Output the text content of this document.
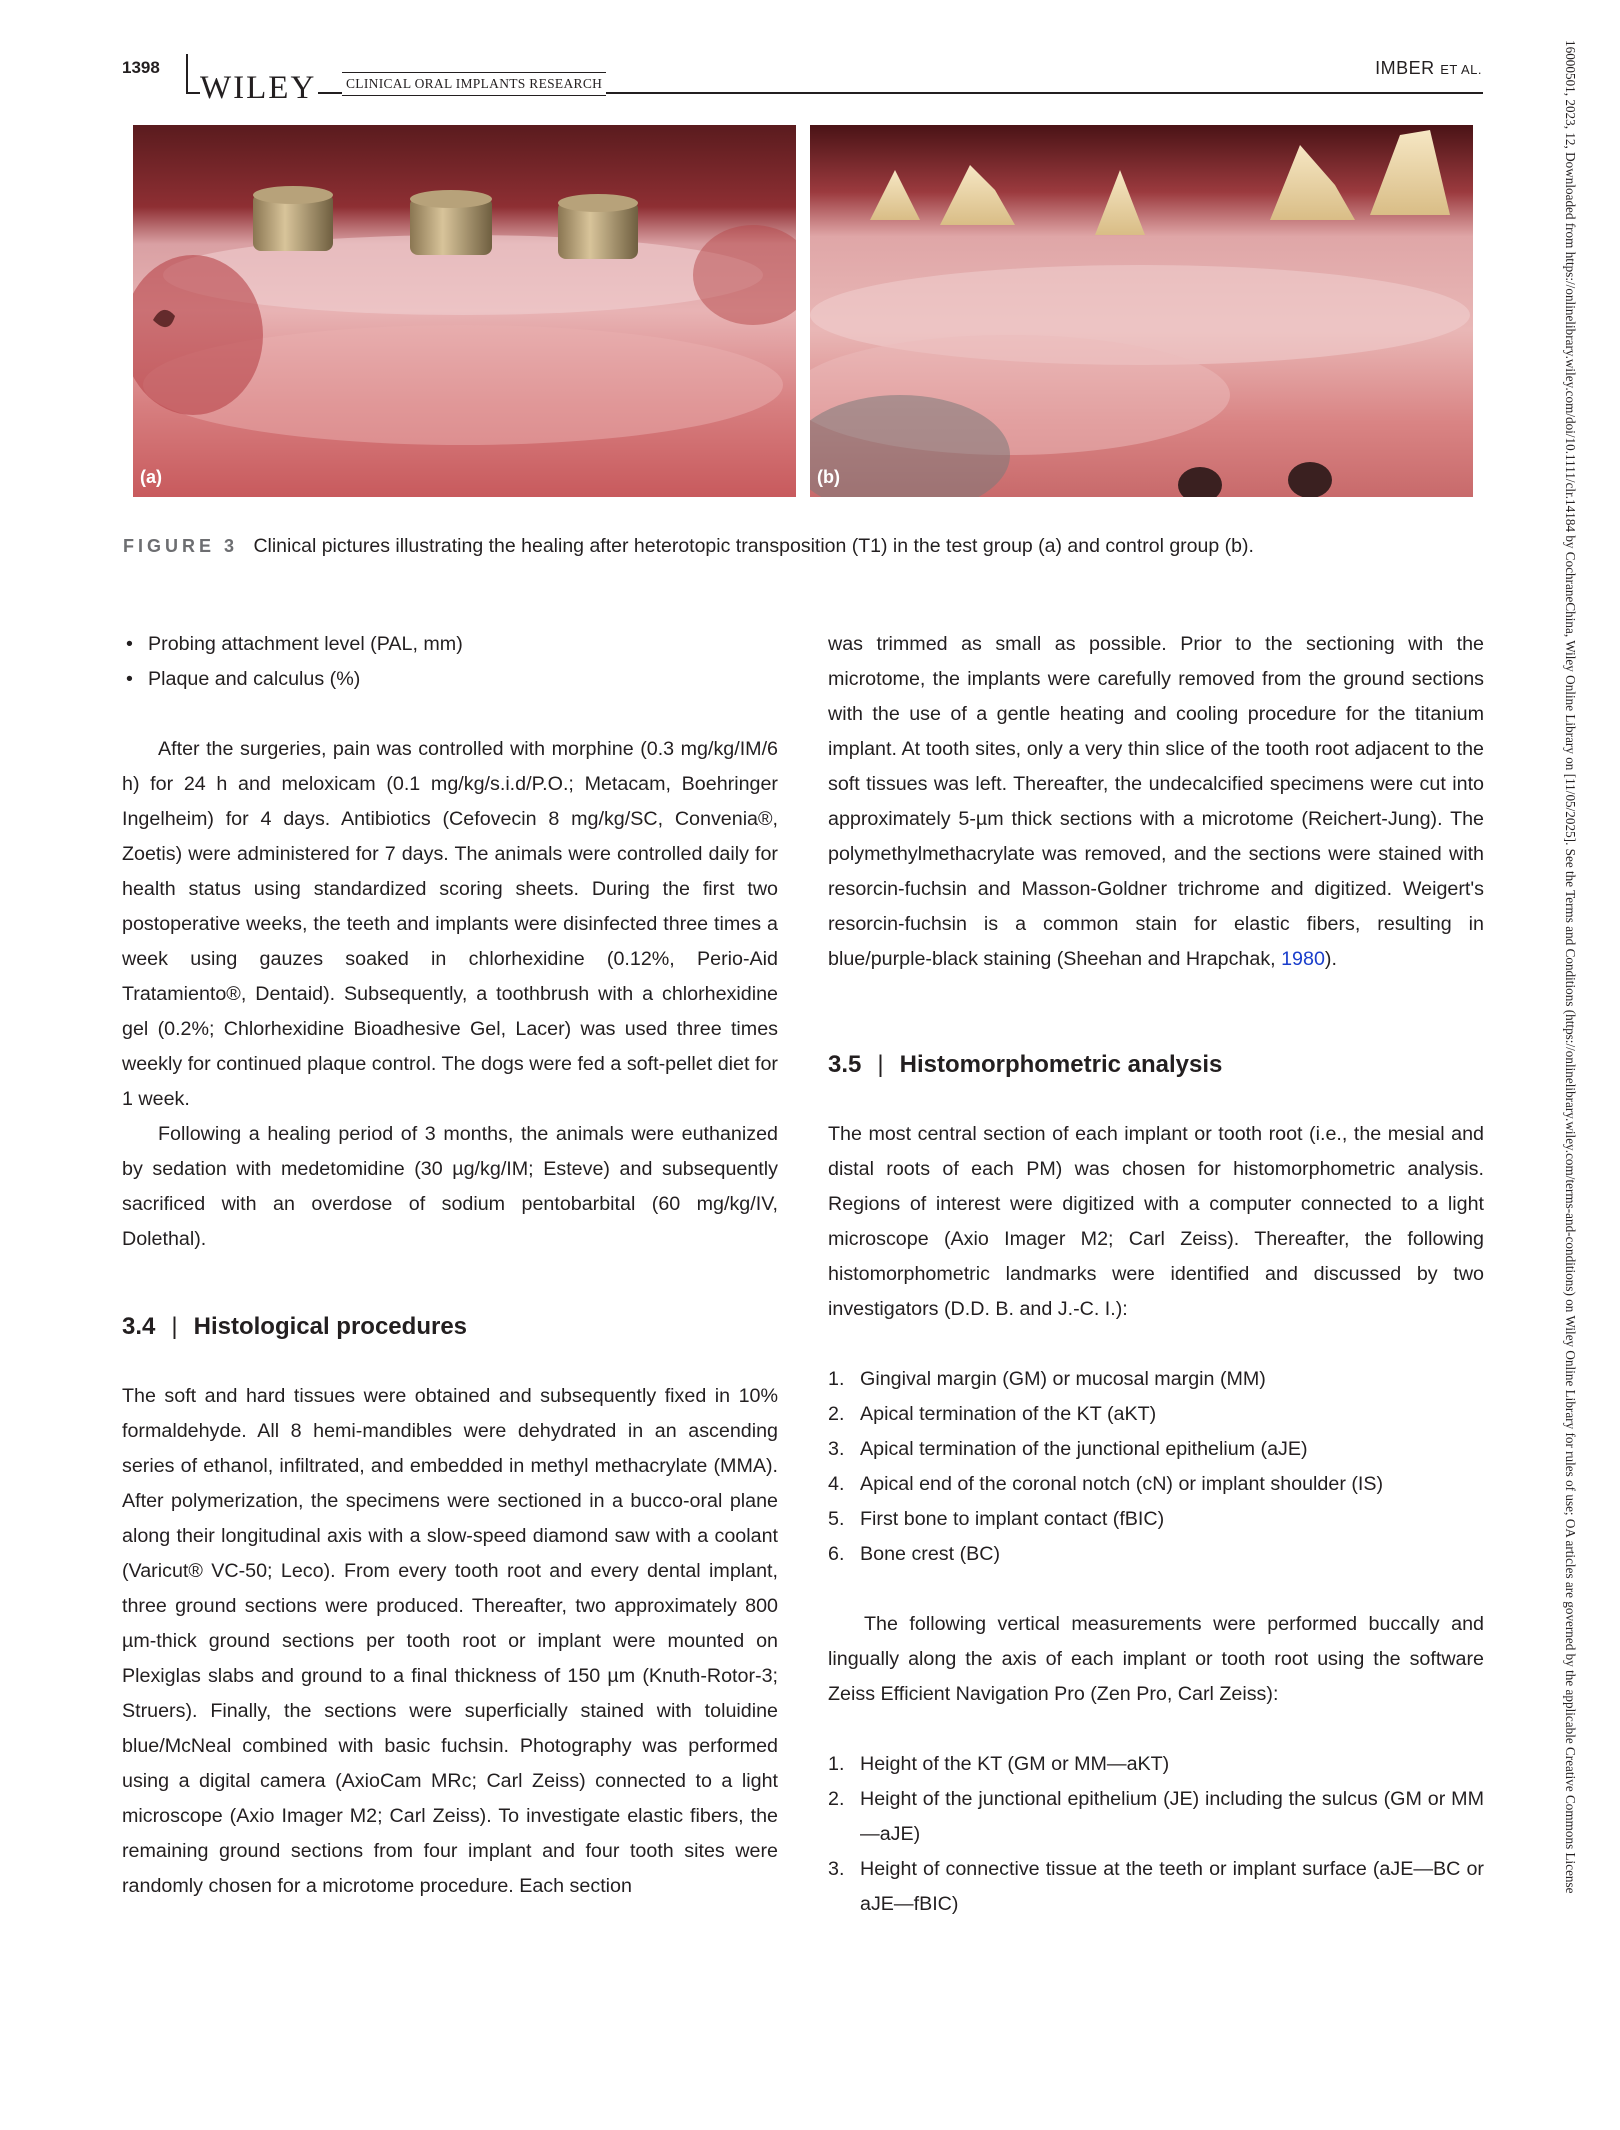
1398
WILEY CLINICAL ORAL IMPLANTS RESEARCH
IMBER ET AL.
(a)	(b)
FIGURE 3 Clinical pictures illustrating the healing after heterotopic transposition (T1) in the test group (a) and control group (b).
• Probing attachment level (PAL, mm)
• Plaque and calculus (%)

After the surgeries, pain was controlled with morphine (0.3 mg/kg/IM/6 h) for 24 h and meloxicam (0.1 mg/kg/s.i.d/P.O.; Metacam, Boehringer Ingelheim) for 4 days. Antibiotics (Cefovecin 8 mg/kg/SC, Convenia®, Zoetis) were administered for 7 days. The animals were controlled daily for health status using standardized scoring sheets. During the first two postoperative weeks, the teeth and implants were disinfected three times a week using gauzes soaked in chlorhexidine (0.12%, Perio-Aid Tratamiento®, Dentaid). Subsequently, a toothbrush with a chlorhexidine gel (0.2%; Chlorhexidine Bioadhesive Gel, Lacer) was used three times weekly for continued plaque control. The dogs were fed a soft-pellet diet for 1 week.

Following a healing period of 3 months, the animals were euthanized by sedation with medetomidine (30 µg/kg/IM; Esteve) and subsequently sacrificed with an overdose of sodium pentobarbital (60 mg/kg/IV, Dolethal).

3.4 | Histological procedures

The soft and hard tissues were obtained and subsequently fixed in 10% formaldehyde. All 8 hemi-mandibles were dehydrated in an ascending series of ethanol, infiltrated, and embedded in methyl methacrylate (MMA). After polymerization, the specimens were sectioned in a bucco-oral plane along their longitudinal axis with a slow-speed diamond saw with a coolant (Varicut® VC-50; Leco). From every tooth root and every dental implant, three ground sections were produced. Thereafter, two approximately 800 µm-thick ground sections per tooth root or implant were mounted on Plexiglas slabs and ground to a final thickness of 150 µm (Knuth-Rotor-3; Struers). Finally, the sections were superficially stained with toluidine blue/McNeal combined with basic fuchsin. Photography was performed using a digital camera (AxioCam MRc; Carl Zeiss) connected to a light microscope (Axio Imager M2; Carl Zeiss). To investigate elastic fibers, the remaining ground sections from four implant and four tooth sites were randomly chosen for a microtome procedure. Each section

was trimmed as small as possible. Prior to the sectioning with the microtome, the implants were carefully removed from the ground sections with the use of a gentle heating and cooling procedure for the titanium implant. At tooth sites, only a very thin slice of the tooth root adjacent to the soft tissues was left. Thereafter, the undecalcified specimens were cut into approximately 5-µm thick sections with a microtome (Reichert-Jung). The polymethylmethacrylate was removed, and the sections were stained with resorcin-fuchsin and Masson-Goldner trichrome and digitized. Weigert's resorcin-fuchsin is a common stain for elastic fibers, resulting in blue/purple-black staining (Sheehan and Hrapchak, 1980).

3.5 | Histomorphometric analysis

The most central section of each implant or tooth root (i.e., the mesial and distal roots of each PM) was chosen for histomorphometric analysis. Regions of interest were digitized with a computer connected to a light microscope (Axio Imager M2; Carl Zeiss). Thereafter, the following histomorphometric landmarks were identified and discussed by two investigators (D.D. B. and J.-C. I.):

1. Gingival margin (GM) or mucosal margin (MM)
2. Apical termination of the KT (aKT)
3. Apical termination of the junctional epithelium (aJE)
4. Apical end of the coronal notch (cN) or implant shoulder (IS)
5. First bone to implant contact (fBIC)
6. Bone crest (BC)

The following vertical measurements were performed buccally and lingually along the axis of each implant or tooth root using the software Zeiss Efficient Navigation Pro (Zen Pro, Carl Zeiss):

1. Height of the KT (GM or MM—aKT)
2. Height of the junctional epithelium (JE) including the sulcus (GM or MM—aJE)
3. Height of connective tissue at the teeth or implant surface (aJE—BC or aJE—fBIC)
16000501, 2023, 12, Downloaded from https://onlinelibrary.wiley.com/doi/10.1111/clr.14184 by CochraneChina, Wiley Online Library on [11/05/2025]. See the Terms and Conditions (https://onlinelibrary.wiley.com/terms-and-conditions) on Wiley Online Library for rules of use; OA articles are governed by the applicable Creative Commons License
